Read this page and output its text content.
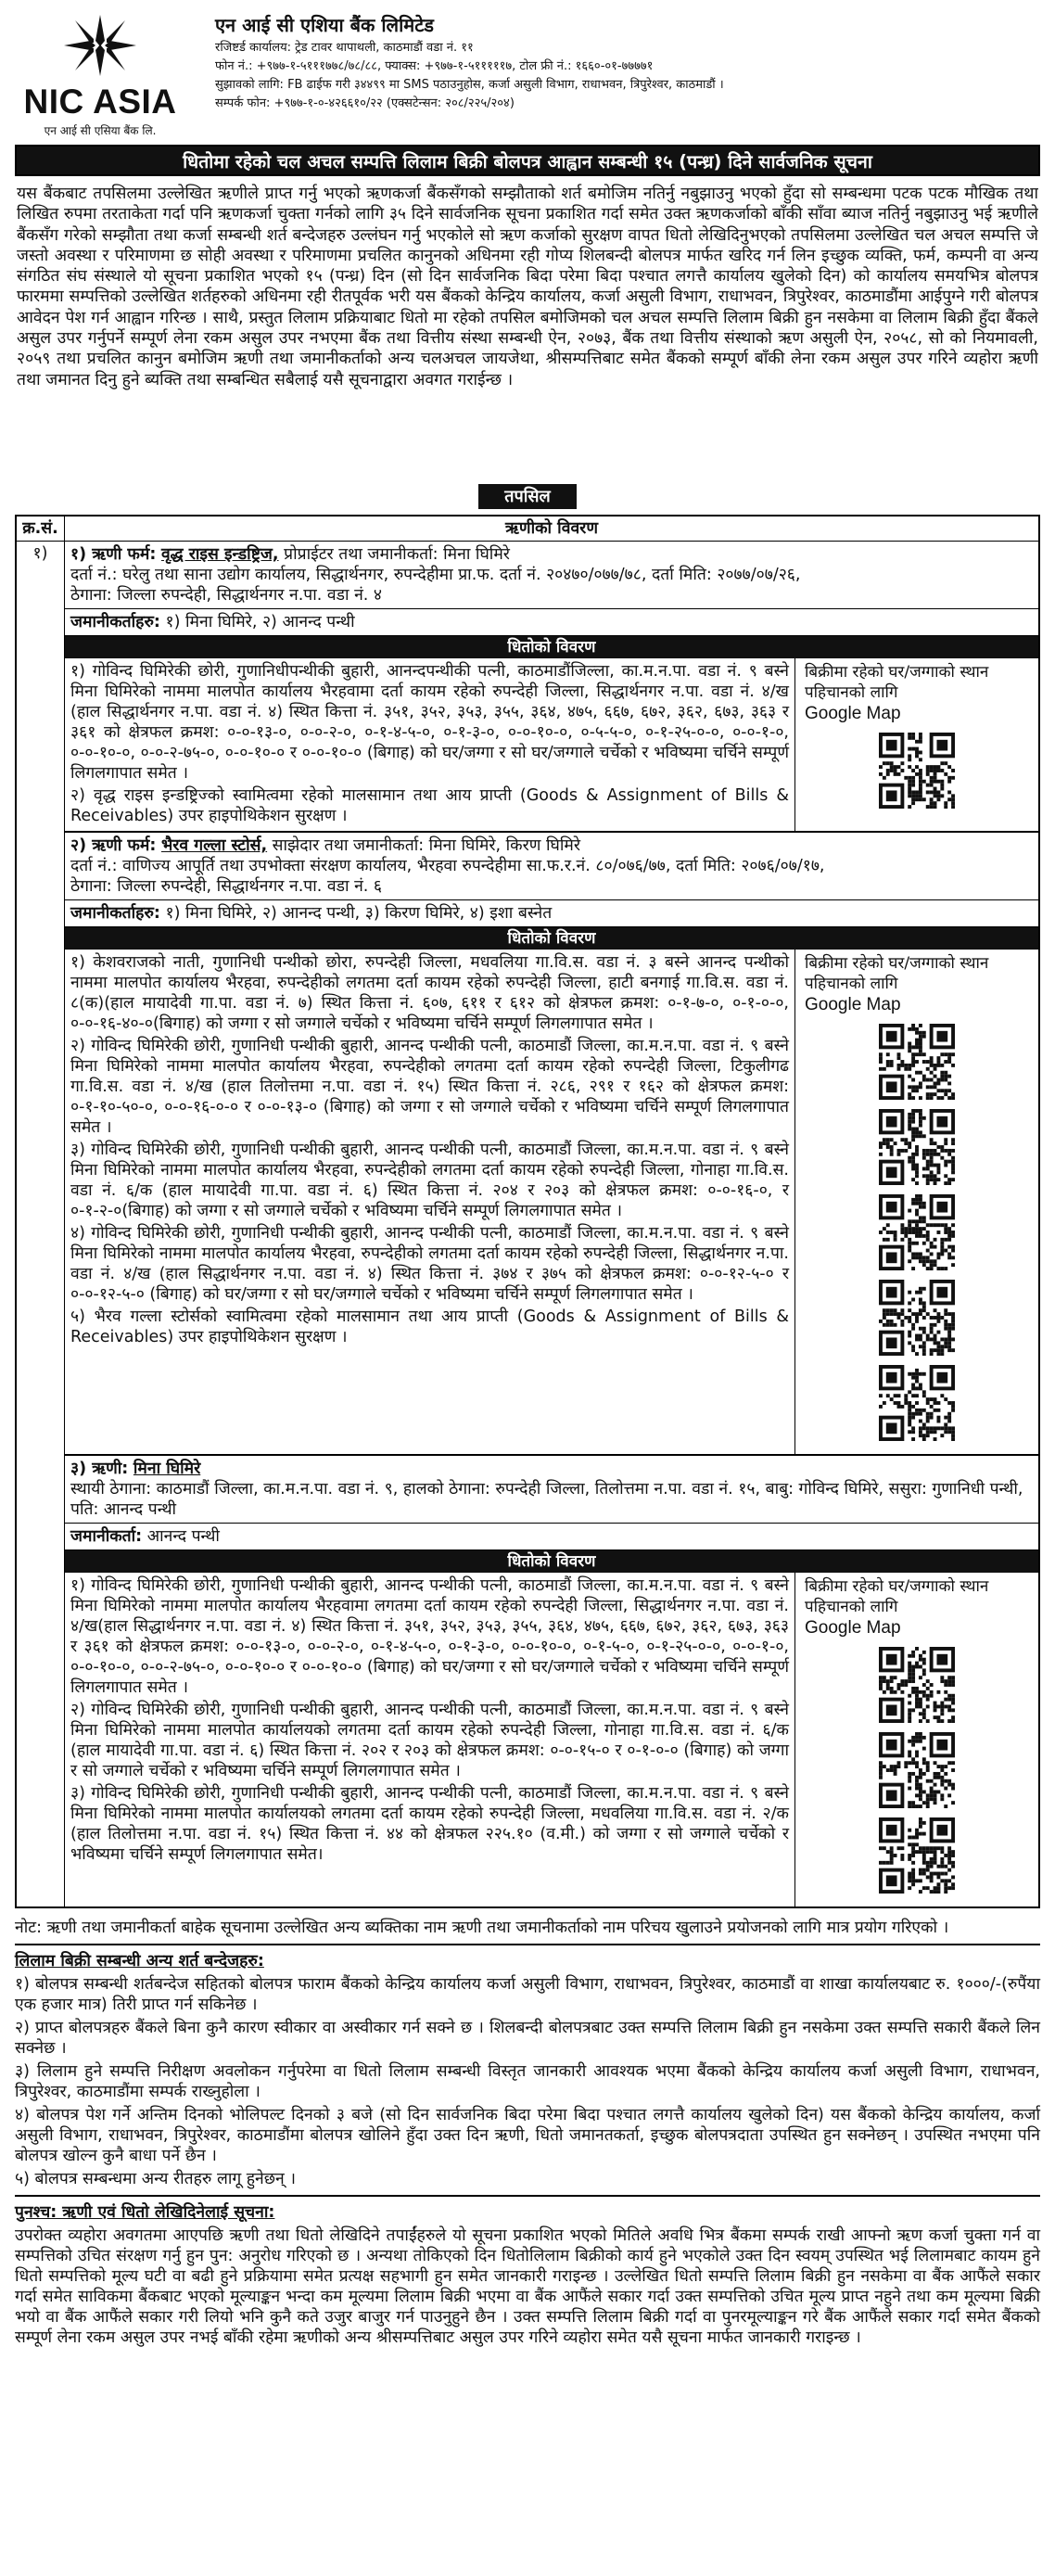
NIC ASIA
एन आई सी एसिया बैंक लि.
एन आई सी एशिया बैंक लिमिटेड
रजिष्टर्ड कार्यालय: ट्रेड टावर थापाथली, काठमाडौं वडा नं. ११
फोन नं.: +९७७-१-५१११७७८/७८/८८, फ्याक्स: +९७७-१-५१११११७, टोल फ्री नं.: १६६०-०१-७७७७१
सुझावको लागि: FB ढाईफ गरी ३४४९९ मा SMS पठाउनुहोस, कर्जा असुली विभाग, राधाभवन, त्रिपुरेश्वर, काठमाडौं ।
सम्पर्क फोन: +९७७-१-०-४२६६१०/२२ (एक्सटेन्सन: २०८/२२५/२०४)
धितोमा रहेको चल अचल सम्पत्ति लिलाम बिक्री बोलपत्र आह्वान सम्बन्धी १५ (पन्ध्र) दिने सार्वजनिक सूचना
यस बैंकबाट तपसिलमा उल्लेखित ऋणीले प्राप्त गर्नु भएको ऋणकर्जा बैंकसँगको सम्झौताको शर्त बमोजिम नतिर्नु नबुझाउनु भएको हुँदा सो सम्बन्धमा पटक पटक मौखिक तथा लिखित रुपमा तरताकेता गर्दा पनि ऋणकर्जा चुक्ता गर्नको लागि ३५ दिने सार्वजनिक सूचना प्रकाशित गर्दा समेत उक्त ऋणकर्जाको बाँकी साँवा ब्याज नतिर्नु नबुझाउनु भई ऋणीले बैंकसँग गरेको सम्झौता तथा कर्जा सम्बन्धी शर्त बन्देजहरु उल्लंघन गर्नु भएकोले सो ऋण कर्जाको सुरक्षण वापत धितो लेखिदिनुभएको तपसिलमा उल्लेखित चल अचल सम्पत्ति जे जस्तो अवस्था र परिमाणमा छ सोही अवस्था र परिमाणमा प्रचलित कानुनको अधिनमा रही गोप्य शिलबन्दी बोलपत्र मार्फत खरिद गर्न लिन इच्छुक व्यक्ति, फर्म, कम्पनी वा अन्य संगठित संघ संस्थाले यो सूचना प्रकाशित भएको १५ (पन्ध्र) दिन (सो दिन सार्वजनिक बिदा परेमा बिदा पश्चात लगत्तै कार्यालय खुलेको दिन) को कार्यालय समयभित्र बोलपत्र फारममा सम्पत्तिको उल्लेखित शर्तहरुको अधिनमा रही रीतपूर्वक भरी यस बैंकको केन्द्रिय कार्यालय, कर्जा असुली विभाग, राधाभवन, त्रिपुरेश्वर, काठमाडौंमा आईपुग्ने गरी बोलपत्र आवेदन पेश गर्न आह्वान गरिन्छ । साथै, प्रस्तुत लिलाम प्रक्रियाबाट धितो मा रहेको तपसिल बमोजिमको चल अचल सम्पत्ति लिलाम बिक्री हुन नसकेमा वा लिलाम बिक्री हुँदा बैंकले असुल उपर गर्नुपर्ने सम्पूर्ण लेना रकम असुल उपर नभएमा बैंक तथा वित्तीय संस्था सम्बन्धी ऐन, २०७३, बैंक तथा वित्तीय संस्थाको ऋण असुली ऐन, २०५८, सो को नियमावली, २०५९ तथा प्रचलित कानुन बमोजिम ऋणी तथा जमानीकर्ताको अन्य चलअचल जायजेथा, श्रीसम्पत्तिबाट समेत बैंकको सम्पूर्ण बाँकी लेना रकम असुल उपर गरिने व्यहोरा ऋणी तथा जमानत दिनु हुने ब्यक्ति तथा सम्बन्धित सबैलाई यसै सूचनाद्वारा अवगत गराईन्छ ।
तपसिल
क्र.सं.	ऋणीको विवरण
१)	१) ऋणी फर्म: वृद्ध राइस इन्डष्ट्रिज, प्रोप्राईटर तथा जमानीकर्ता: मिना घिमिरे
दर्ता नं.: घरेलु तथा साना उद्योग कार्यालय, सिद्धार्थनगर, रुपन्देहीमा प्रा.फ. दर्ता नं. २०४७०/०७७/७८, दर्ता मिति: २०७७/०७/२६,
ठेगाना: जिल्ला रुपन्देही, सिद्धार्थनगर न.पा. वडा नं. ४
जमानीकर्ताहरु: १) मिना घिमिरे, २) आनन्द पन्थी
धितोको विवरण
१) गोविन्द घिमिरेकी छोरी, गुणानिधीपन्थीकी बुहारी, आनन्दपन्थीकी पत्नी, काठमाडौंजिल्ला, का.म.न.पा. वडा नं. ९ बस्ने मिना घिमिरेको नाममा मालपोत कार्यालय भैरहवामा दर्ता कायम रहेको रुपन्देही जिल्ला, सिद्धार्थनगर न.पा. वडा नं. ४/ख (हाल सिद्धार्थनगर न.पा. वडा नं. ४) स्थित कित्ता नं. ३५१, ३५२, ३५३, ३५५, ३६४, ४७५, ६६७, ६७२, ३६२, ६७३, ३६३ र ३६१ को क्षेत्रफल क्रमश: ०-०-१३-०, ०-०-२-०, ०-१-४-५-०, ०-१-३-०, ०-०-१०-०, ०-५-५-०, ०-१-२५-०-०, ०-०-१-०, ०-०-१०-०, ०-०-२-७५-०, ०-०-१०-० र ०-०-१०-० (बिगाह) को घर/जग्गा र सो घर/जग्गाले चर्चेको र भविष्यमा चर्चिने सम्पूर्ण लिगलगापात समेत ।
२) वृद्ध राइस इन्डष्ट्रिज्को स्वामित्वमा रहेको मालसामान तथा आय प्राप्ती (Goods & Assignment of Bills & Receivables) उपर हाइपोथिकेशन सुरक्षण ।
बिक्रीमा रहेको घर/जग्गाको स्थान पहिचानको लागि
Google Map
२) ऋणी फर्म: भैरव गल्ला स्टोर्स, साझेदार तथा जमानीकर्ता: मिना घिमिरे, किरण घिमिरे
दर्ता नं.: वाणिज्य आपूर्ति तथा उपभोक्ता संरक्षण कार्यालय, भैरहवा रुपन्देहीमा सा.फ.र.नं. ८०/०७६/७७, दर्ता मिति: २०७६/०७/१७,
ठेगाना: जिल्ला रुपन्देही, सिद्धार्थनगर न.पा. वडा नं. ६
जमानीकर्ताहरु: १) मिना घिमिरे, २) आनन्द पन्थी, ३) किरण घिमिरे, ४) इशा बस्नेत
धितोको विवरण
१) केशवराजको नाती, गुणानिधी पन्थीको छोरा, रुपन्देही जिल्ला, मधवलिया गा.वि.स. वडा नं. ३ बस्ने आनन्द पन्थीको नाममा मालपोत कार्यालय भैरहवा, रुपन्देहीको लगतमा दर्ता कायम रहेको रुपन्देही जिल्ला, हाटी बनगाई गा.वि.स. वडा नं. ८(क)(हाल मायादेवी गा.पा. वडा नं. ७) स्थित कित्ता नं. ६०७, ६११ र ६१२ को क्षेत्रफल क्रमश: ०-१-७-०, ०-१-०-०, ०-०-१६-४०-०(बिगाह) को जग्गा र सो जग्गाले चर्चेको र भविष्यमा चर्चिने सम्पूर्ण लिगलगापात समेत ।
२) गोविन्द घिमिरेकी छोरी, गुणानिधी पन्थीकी बुहारी, आनन्द पन्थीकी पत्नी, काठमाडौं जिल्ला, का.म.न.पा. वडा नं. ९ बस्ने मिना घिमिरेको नाममा मालपोत कार्यालय भैरहवा, रुपन्देहीको लगतमा दर्ता कायम रहेको रुपन्देही जिल्ला, टिकुलीगढ गा.वि.स. वडा नं. ४/ख (हाल तिलोत्तमा न.पा. वडा नं. १५) स्थित कित्ता नं. २८६, २९१ र १६२ को क्षेत्रफल क्रमश: ०-१-१०-५०-०, ०-०-१६-०-० र ०-०-१३-० (बिगाह) को जग्गा र सो जग्गाले चर्चेको र भविष्यमा चर्चिने सम्पूर्ण लिगलगापात समेत ।
३) गोविन्द घिमिरेकी छोरी, गुणानिधी पन्थीकी बुहारी, आनन्द पन्थीकी पत्नी, काठमाडौं जिल्ला, का.म.न.पा. वडा नं. ९ बस्ने मिना घिमिरेको नाममा मालपोत कार्यालय भैरहवा, रुपन्देहीको लगतमा दर्ता कायम रहेको रुपन्देही जिल्ला, गोनाहा गा.वि.स. वडा नं. ६/क (हाल मायादेवी गा.पा. वडा नं. ६) स्थित कित्ता नं. २०४ र २०३ को क्षेत्रफल क्रमश: ०-०-१६-०, र ०-१-२-०(बिगाह) को जग्गा र सो जग्गाले चर्चेको र भविष्यमा चर्चिने सम्पूर्ण लिगलगापात समेत ।
४) गोविन्द घिमिरेकी छोरी, गुणानिधी पन्थीकी बुहारी, आनन्द पन्थीकी पत्नी, काठमाडौं जिल्ला, का.म.न.पा. वडा नं. ९ बस्ने मिना घिमिरेको नाममा मालपोत कार्यालय भैरहवा, रुपन्देहीको लगतमा दर्ता कायम रहेको रुपन्देही जिल्ला, सिद्धार्थनगर न.पा. वडा नं. ४/ख (हाल सिद्धार्थनगर न.पा. वडा नं. ४) स्थित कित्ता नं. ३७४ र ३७५ को क्षेत्रफल क्रमश: ०-०-१२-५-० र ०-०-१२-५-० (बिगाह) को घर/जग्गा र सो घर/जग्गाले चर्चेको र भविष्यमा चर्चिने सम्पूर्ण लिगलगापात समेत ।
५) भैरव गल्ला स्टोर्सको स्वामित्वमा रहेको मालसामान तथा आय प्राप्ती (Goods & Assignment of Bills & Receivables) उपर हाइपोथिकेशन सुरक्षण ।
बिक्रीमा रहेको घर/जग्गाको स्थान पहिचानको लागि
Google Map
३) ऋणी: मिना घिमिरे
स्थायी ठेगाना: काठमाडौं जिल्ला, का.म.न.पा. वडा नं. ९, हालको ठेगाना: रुपन्देही जिल्ला, तिलोत्तमा न.पा. वडा नं. १५, बाबु: गोविन्द घिमिरे, ससुरा: गुणानिधी पन्थी, पति: आनन्द पन्थी
जमानीकर्ता: आनन्द पन्थी
धितोको विवरण
१) गोविन्द घिमिरेकी छोरी, गुणानिधी पन्थीकी बुहारी, आनन्द पन्थीकी पत्नी, काठमाडौं जिल्ला, का.म.न.पा. वडा नं. ९ बस्ने मिना घिमिरेको नाममा मालपोत कार्यालय भैरहवामा लगतमा दर्ता कायम रहेको रुपन्देही जिल्ला, सिद्धार्थनगर न.पा. वडा नं. ४/ख(हाल सिद्धार्थनगर न.पा. वडा नं. ४) स्थित कित्ता नं. ३५१, ३५२, ३५३, ३५५, ३६४, ४७५, ६६७, ६७२, ३६२, ६७३, ३६३ र ३६१ को क्षेत्रफल क्रमश: ०-०-१३-०, ०-०-२-०, ०-१-४-५-०, ०-१-३-०, ०-०-१०-०, ०-१-५-०, ०-१-२५-०-०, ०-०-१-०, ०-०-१०-०, ०-०-२-७५-०, ०-०-१०-० र ०-०-१०-० (बिगाह) को घर/जग्गा र सो घर/जग्गाले चर्चेको र भविष्यमा चर्चिने सम्पूर्ण लिगलगापात समेत ।
२) गोविन्द घिमिरेकी छोरी, गुणानिधी पन्थीकी बुहारी, आनन्द पन्थीकी पत्नी, काठमाडौं जिल्ला, का.म.न.पा. वडा नं. ९ बस्ने मिना घिमिरेको नाममा मालपोत कार्यालयको लगतमा दर्ता कायम रहेको रुपन्देही जिल्ला, गोनाहा गा.वि.स. वडा नं. ६/क (हाल मायादेवी गा.पा. वडा नं. ६) स्थित कित्ता नं. २०२ र २०३ को क्षेत्रफल क्रमश: ०-०-१५-० र ०-१-०-० (बिगाह) को जग्गा र सो जग्गाले चर्चेको र भविष्यमा चर्चिने सम्पूर्ण लिगलगापात समेत ।
३) गोविन्द घिमिरेकी छोरी, गुणानिधी पन्थीकी बुहारी, आनन्द पन्थीकी पत्नी, काठमाडौं जिल्ला, का.म.न.पा. वडा नं. ९ बस्ने मिना घिमिरेको नाममा मालपोत कार्यालयको लगतमा दर्ता कायम रहेको रुपन्देही जिल्ला, मधवलिया गा.वि.स. वडा नं. २/क (हाल तिलोत्तमा न.पा. वडा नं. १५) स्थित कित्ता नं. ४४ को क्षेत्रफल २२५.१० (व.मी.) को जग्गा र सो जग्गाले चर्चेको र भविष्यमा चर्चिने सम्पूर्ण लिगलगापात समेत।
बिक्रीमा रहेको घर/जग्गाको स्थान पहिचानको लागि
Google Map

नोट: ऋणी तथा जमानीकर्ता बाहेक सूचनामा उल्लेखित अन्य ब्यक्तिका नाम ऋणी तथा जमानीकर्ताको नाम परिचय खुलाउने प्रयोजनको लागि मात्र प्रयोग गरिएको ।

लिलाम बिक्री सम्बन्धी अन्य शर्त बन्देजहरु:

१) बोलपत्र सम्बन्धी शर्तबन्देज सहितको बोलपत्र फाराम बैंकको केन्द्रिय कार्यालय कर्जा असुली विभाग, राधाभवन, त्रिपुरेश्वर, काठमाडौं वा शाखा कार्यालयबाट रु. १०००/-(रुपैंया एक हजार मात्र) तिरी प्राप्त गर्न सकिनेछ ।

२) प्राप्त बोलपत्रहरु बैंकले बिना कुनै कारण स्वीकार वा अस्वीकार गर्न सक्ने छ । शिलबन्दी बोलपत्रबाट उक्त सम्पत्ति लिलाम बिक्री हुन नसकेमा उक्त सम्पत्ति सकारी बैंकले लिन सक्नेछ ।

३) लिलाम हुने सम्पत्ति निरीक्षण अवलोकन गर्नुपरेमा वा धितो लिलाम सम्बन्धी विस्तृत जानकारी आवश्यक भएमा बैंकको केन्द्रिय कार्यालय कर्जा असुली विभाग, राधाभवन, त्रिपुरेश्वर, काठमाडौंमा सम्पर्क राख्नुहोला ।

४) बोलपत्र पेश गर्ने अन्तिम दिनको भोलिपल्ट दिनको ३ बजे (सो दिन सार्वजनिक बिदा परेमा बिदा पश्चात लगत्तै कार्यालय खुलेको दिन) यस बैंकको केन्द्रिय कार्यालय, कर्जा असुली विभाग, राधाभवन, त्रिपुरेश्वर, काठमाडौंमा बोलपत्र खोलिने हुँदा उक्त दिन ऋणी, धितो जमानतकर्ता, इच्छुक बोलपत्रदाता उपस्थित हुन सक्नेछन् । उपस्थित नभएमा पनि बोलपत्र खोल्न कुनै बाधा पर्ने छैन ।

५) बोलपत्र सम्बन्धमा अन्य रीतहरु लागू हुनेछन् ।

पुनश्च: ऋणी एवं धितो लेखिदिनेलाई सूचना:

उपरोक्त व्यहोरा अवगतमा आएपछि ऋणी तथा धितो लेखिदिने तपाईंहरुले यो सूचना प्रकाशित भएको मितिले अवधि भित्र बैंकमा सम्पर्क राखी आफ्नो ऋण कर्जा चुक्ता गर्न वा सम्पत्तिको उचित संरक्षण गर्नु हुन पुन: अनुरोध गरिएको छ । अन्यथा तोकिएको दिन धितोलिलाम बिक्रीको कार्य हुने भएकोले उक्त दिन स्वयम् उपस्थित भई लिलामबाट कायम हुने धितो सम्पत्तिको मूल्य घटी वा बढी हुने प्रक्रियामा समेत प्रत्यक्ष सहभागी हुन समेत जानकारी गराइन्छ । उल्लेखित धितो सम्पत्ति लिलाम बिक्री हुन नसकेमा वा बैंक आफैंले सकार गर्दा समेत साविकमा बैंकबाट भएको मूल्याङ्कन भन्दा कम मूल्यमा लिलाम बिक्री भएमा वा बैंक आफैंले सकार गर्दा उक्त सम्पत्तिको उचित मूल्य प्राप्त नहुने तथा कम मूल्यमा बिक्री भयो वा बैंक आफैंले सकार गरी लियो भनि कुनै कते उजुर बाजुर गर्न पाउनुहुने छैन । उक्त सम्पत्ति लिलाम बिक्री गर्दा वा पुनरमूल्याङ्कन गरे बैंक आफैंले सकार गर्दा समेत बैंकको सम्पूर्ण लेना रकम असुल उपर नभई बाँकी रहेमा ऋणीको अन्य श्रीसम्पत्तिबाट असुल उपर गरिने व्यहोरा समेत यसै सूचना मार्फत जानकारी गराइन्छ ।
